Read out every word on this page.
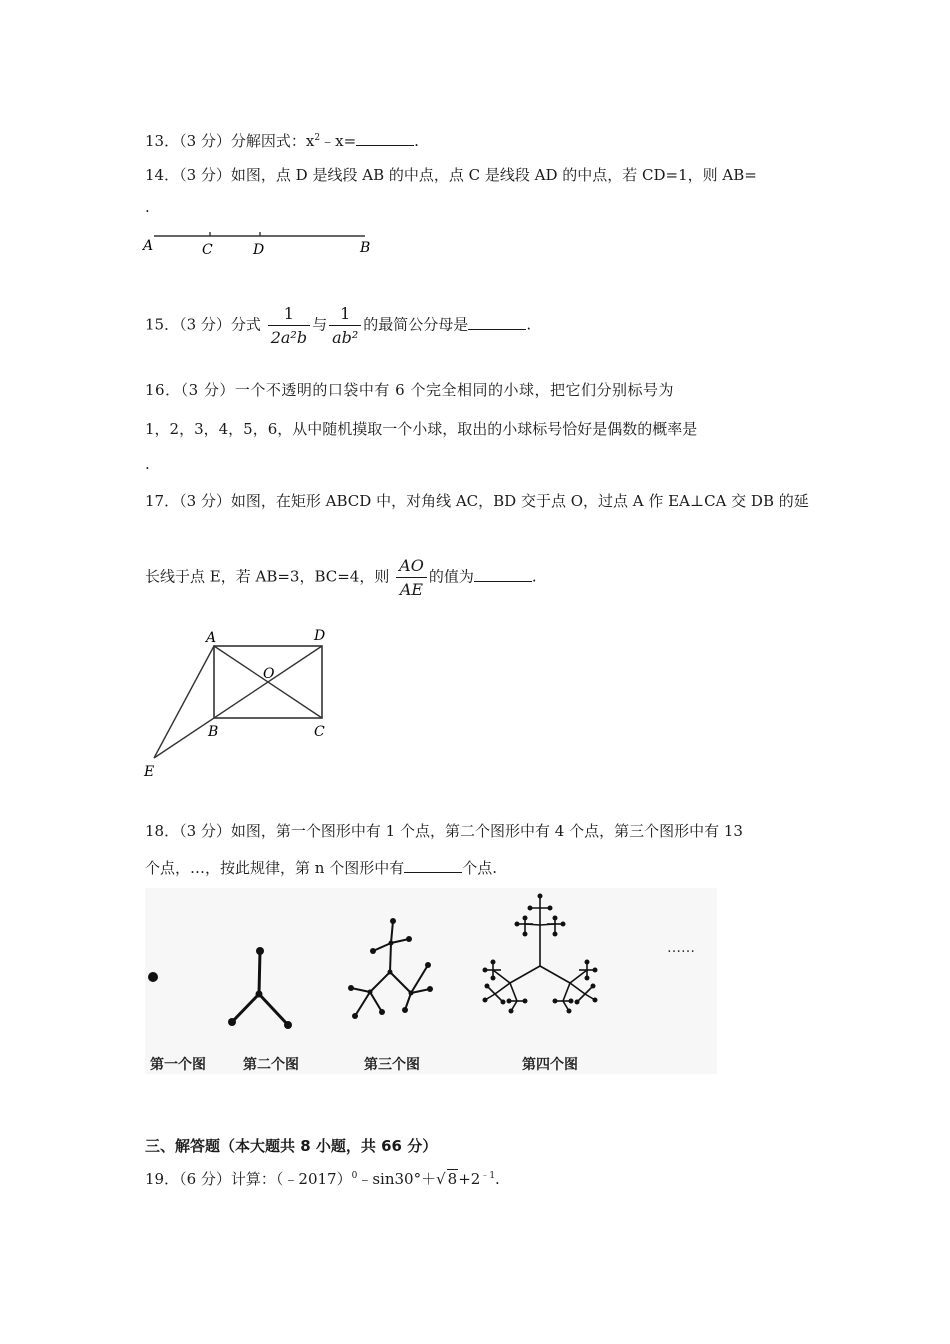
13．（3 分）分解因式：$x^2﹣x=$	.
14．（3 分）如图，点 D 是线段 AB 的中点，点 C 是线段 AD 的中点，若 CD=1，则 AB=
.
A	C	D	B
15．（3 分）分式 $\frac{1}{\text{2a²b}}$ 与 $\frac{1}{\text{ab²}}$ 的最简公分母是	.
16．（3 分）一个不透明的口袋中有 6 个完全相同的小球，把它们分别标号为
1，2，3，4，5，6，从中随机摸取一个小球，取出的小球标号恰好是偶数的概率是
.
17．（3 分）如图，在矩形 ABCD 中，对角线 AC，BD 交于点 O，过点 A 作 EA⊥CA 交 DB 的延
长线于点 E，若 AB=3，BC=4，则 $\frac{AO}{AE}$ 的值为	.
A	D
O
B	C
E
18．（3 分）如图，第一个图形中有 1 个点，第二个图形中有 4 个点，第三个图形中有 13
个点，…，按此规律，第 n 个图形中有	个点.
……
第一个图	第二个图	第三个图	第四个图
三、解答题（本大题共 8 小题，共 66 分）
19．（6 分）计算：（﹣2017）$^0$﹣sin30°＋√ $8+2^{﹣1}$.
